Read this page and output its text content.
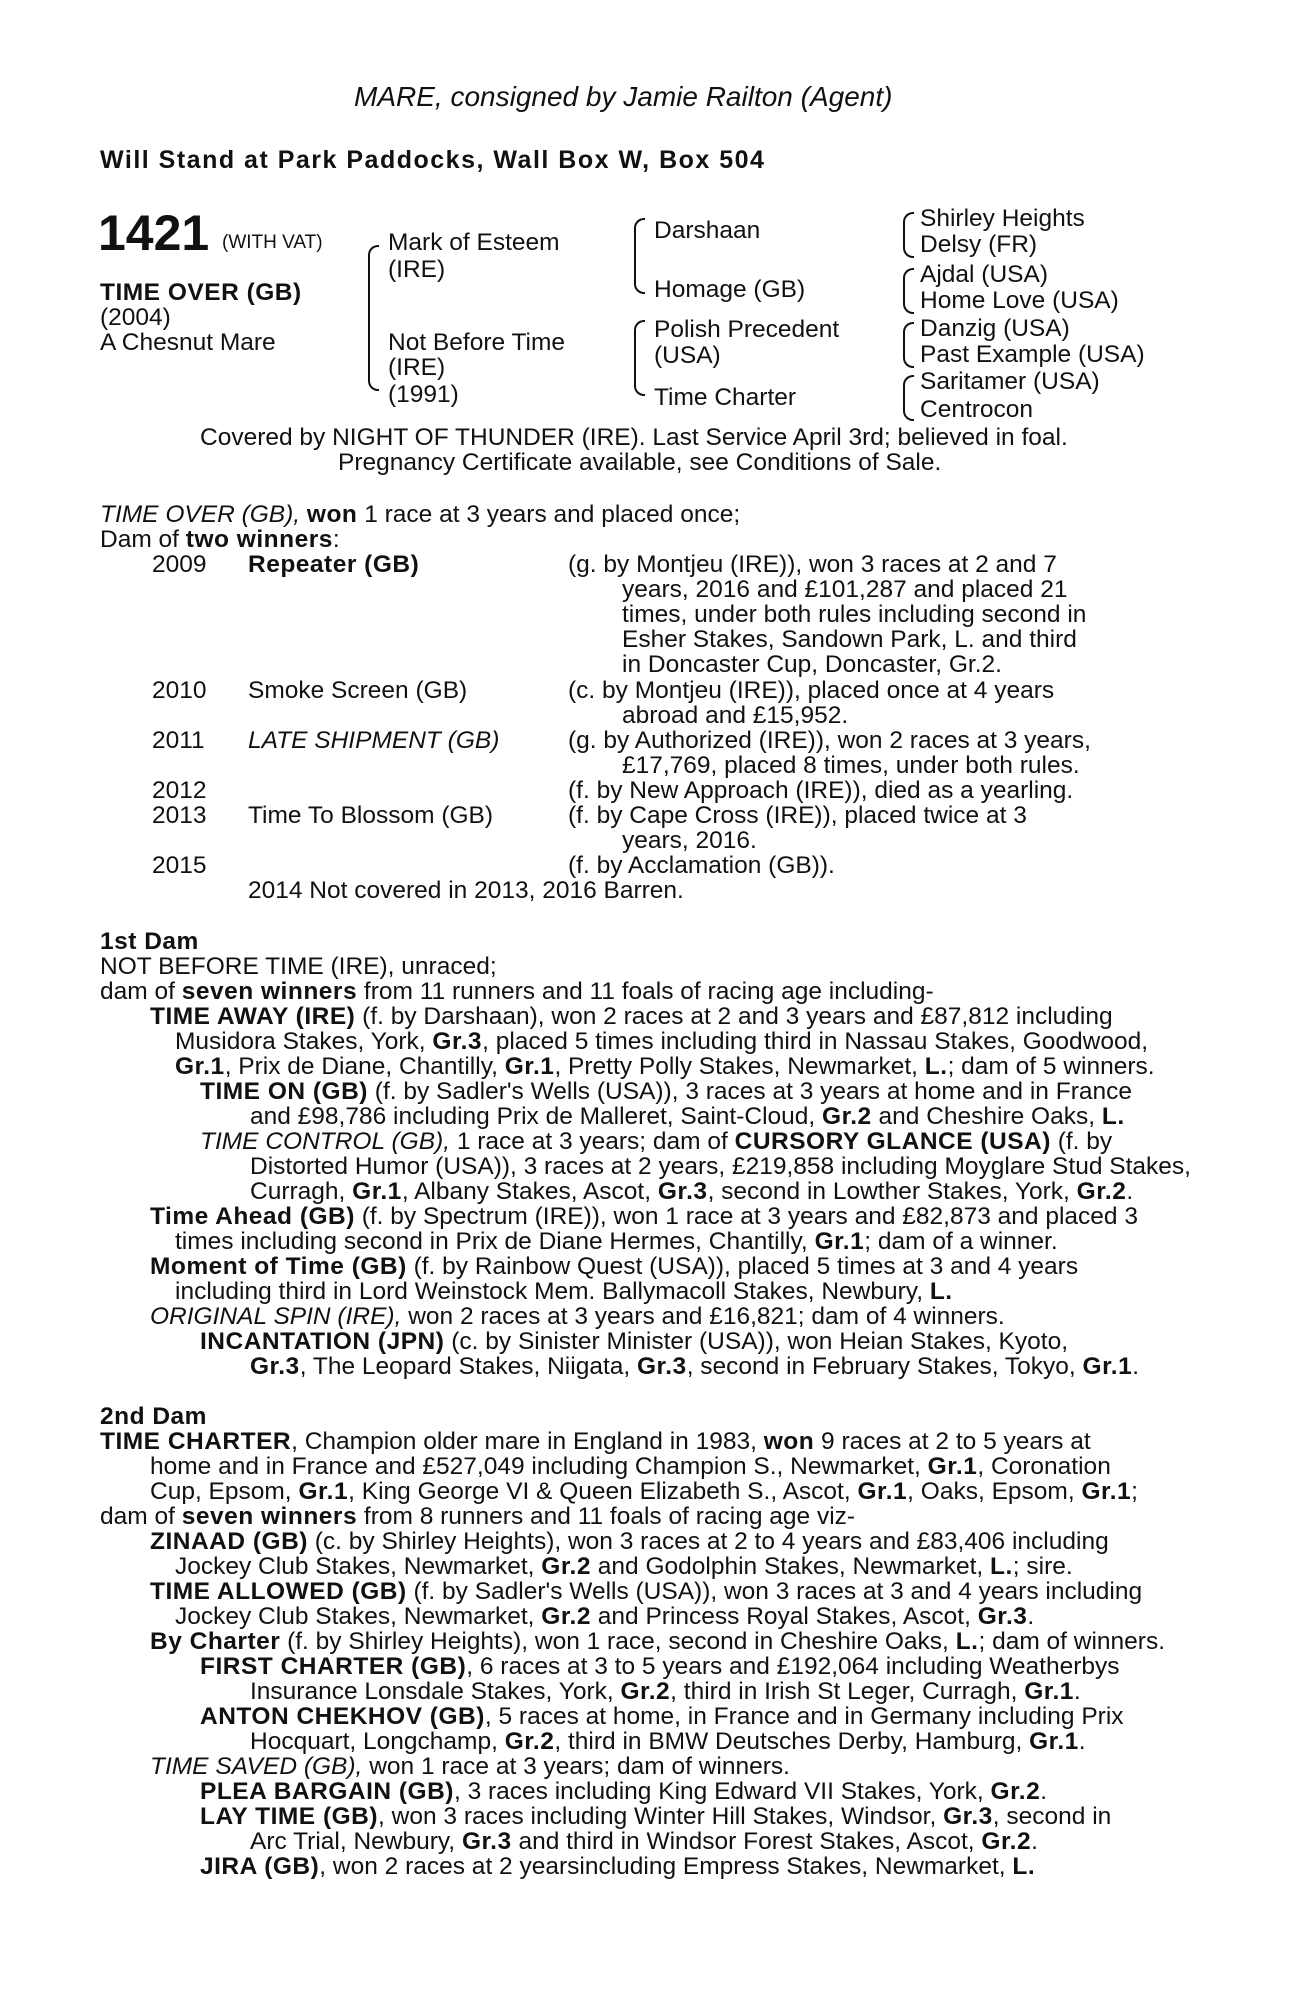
MARE, consigned by Jamie Railton (Agent)
Will Stand at Park Paddocks, Wall Box W, Box 504
1421 (WITH VAT)
TIME OVER (GB)
(2004)
A Chesnut Mare
Mark of Esteem
(IRE)
Not Before Time
(IRE)
(1991)
Darshaan
Homage (GB)
Polish Precedent
(USA)
Time Charter
Shirley Heights
Delsy (FR)
Ajdal (USA)
Home Love (USA)
Danzig (USA)
Past Example (USA)
Saritamer (USA)
Centrocon
Covered by NIGHT OF THUNDER (IRE). Last Service April 3rd; believed in foal.
Pregnancy Certificate available, see Conditions of Sale.
TIME OVER (GB), won 1 race at 3 years and placed once;
Dam of two winners:
2009 Repeater (GB)	(g. by Montjeu (IRE)), won 3 races at 2 and 7
years, 2016 and £101,287 and placed 21
times, under both rules including second in
Esher Stakes, Sandown Park, L. and third
in Doncaster Cup, Doncaster, Gr.2.
2010 Smoke Screen (GB)	(c. by Montjeu (IRE)), placed once at 4 years
abroad and £15,952.
2011 LATE SHIPMENT (GB)	(g. by Authorized (IRE)), won 2 races at 3 years,
£17,769, placed 8 times, under both rules.
2012	(f. by New Approach (IRE)), died as a yearling.
2013 Time To Blossom (GB)	(f. by Cape Cross (IRE)), placed twice at 3
years, 2016.
2015	(f. by Acclamation (GB)).
2014 Not covered in 2013, 2016 Barren.
1st Dam
NOT BEFORE TIME (IRE), unraced;
dam of seven winners from 11 runners and 11 foals of racing age including-
TIME AWAY (IRE) (f. by Darshaan), won 2 races at 2 and 3 years and £87,812 including
Musidora Stakes, York, Gr.3, placed 5 times including third in Nassau Stakes, Goodwood,
Gr.1, Prix de Diane, Chantilly, Gr.1, Pretty Polly Stakes, Newmarket, L.; dam of 5 winners.
TIME ON (GB) (f. by Sadler's Wells (USA)), 3 races at 3 years at home and in France
and £98,786 including Prix de Malleret, Saint-Cloud, Gr.2 and Cheshire Oaks, L.
TIME CONTROL (GB), 1 race at 3 years; dam of CURSORY GLANCE (USA) (f. by
Distorted Humor (USA)), 3 races at 2 years, £219,858 including Moyglare Stud Stakes,
Curragh, Gr.1, Albany Stakes, Ascot, Gr.3, second in Lowther Stakes, York, Gr.2.
Time Ahead (GB) (f. by Spectrum (IRE)), won 1 race at 3 years and £82,873 and placed 3
times including second in Prix de Diane Hermes, Chantilly, Gr.1; dam of a winner.
Moment of Time (GB) (f. by Rainbow Quest (USA)), placed 5 times at 3 and 4 years
including third in Lord Weinstock Mem. Ballymacoll Stakes, Newbury, L.
ORIGINAL SPIN (IRE), won 2 races at 3 years and £16,821; dam of 4 winners.
INCANTATION (JPN) (c. by Sinister Minister (USA)), won Heian Stakes, Kyoto,
Gr.3, The Leopard Stakes, Niigata, Gr.3, second in February Stakes, Tokyo, Gr.1.
2nd Dam
TIME CHARTER, Champion older mare in England in 1983, won 9 races at 2 to 5 years at
home and in France and £527,049 including Champion S., Newmarket, Gr.1, Coronation
Cup, Epsom, Gr.1, King George VI & Queen Elizabeth S., Ascot, Gr.1, Oaks, Epsom, Gr.1;
dam of seven winners from 8 runners and 11 foals of racing age viz-
ZINAAD (GB) (c. by Shirley Heights), won 3 races at 2 to 4 years and £83,406 including
Jockey Club Stakes, Newmarket, Gr.2 and Godolphin Stakes, Newmarket, L.; sire.
TIME ALLOWED (GB) (f. by Sadler's Wells (USA)), won 3 races at 3 and 4 years including
Jockey Club Stakes, Newmarket, Gr.2 and Princess Royal Stakes, Ascot, Gr.3.
By Charter (f. by Shirley Heights), won 1 race, second in Cheshire Oaks, L.; dam of winners.
FIRST CHARTER (GB), 6 races at 3 to 5 years and £192,064 including Weatherbys
Insurance Lonsdale Stakes, York, Gr.2, third in Irish St Leger, Curragh, Gr.1.
ANTON CHEKHOV (GB), 5 races at home, in France and in Germany including Prix
Hocquart, Longchamp, Gr.2, third in BMW Deutsches Derby, Hamburg, Gr.1.
TIME SAVED (GB), won 1 race at 3 years; dam of winners.
PLEA BARGAIN (GB), 3 races including King Edward VII Stakes, York, Gr.2.
LAY TIME (GB), won 3 races including Winter Hill Stakes, Windsor, Gr.3, second in
Arc Trial, Newbury, Gr.3 and third in Windsor Forest Stakes, Ascot, Gr.2.
JIRA (GB), won 2 races at 2 yearsincluding Empress Stakes, Newmarket, L.
